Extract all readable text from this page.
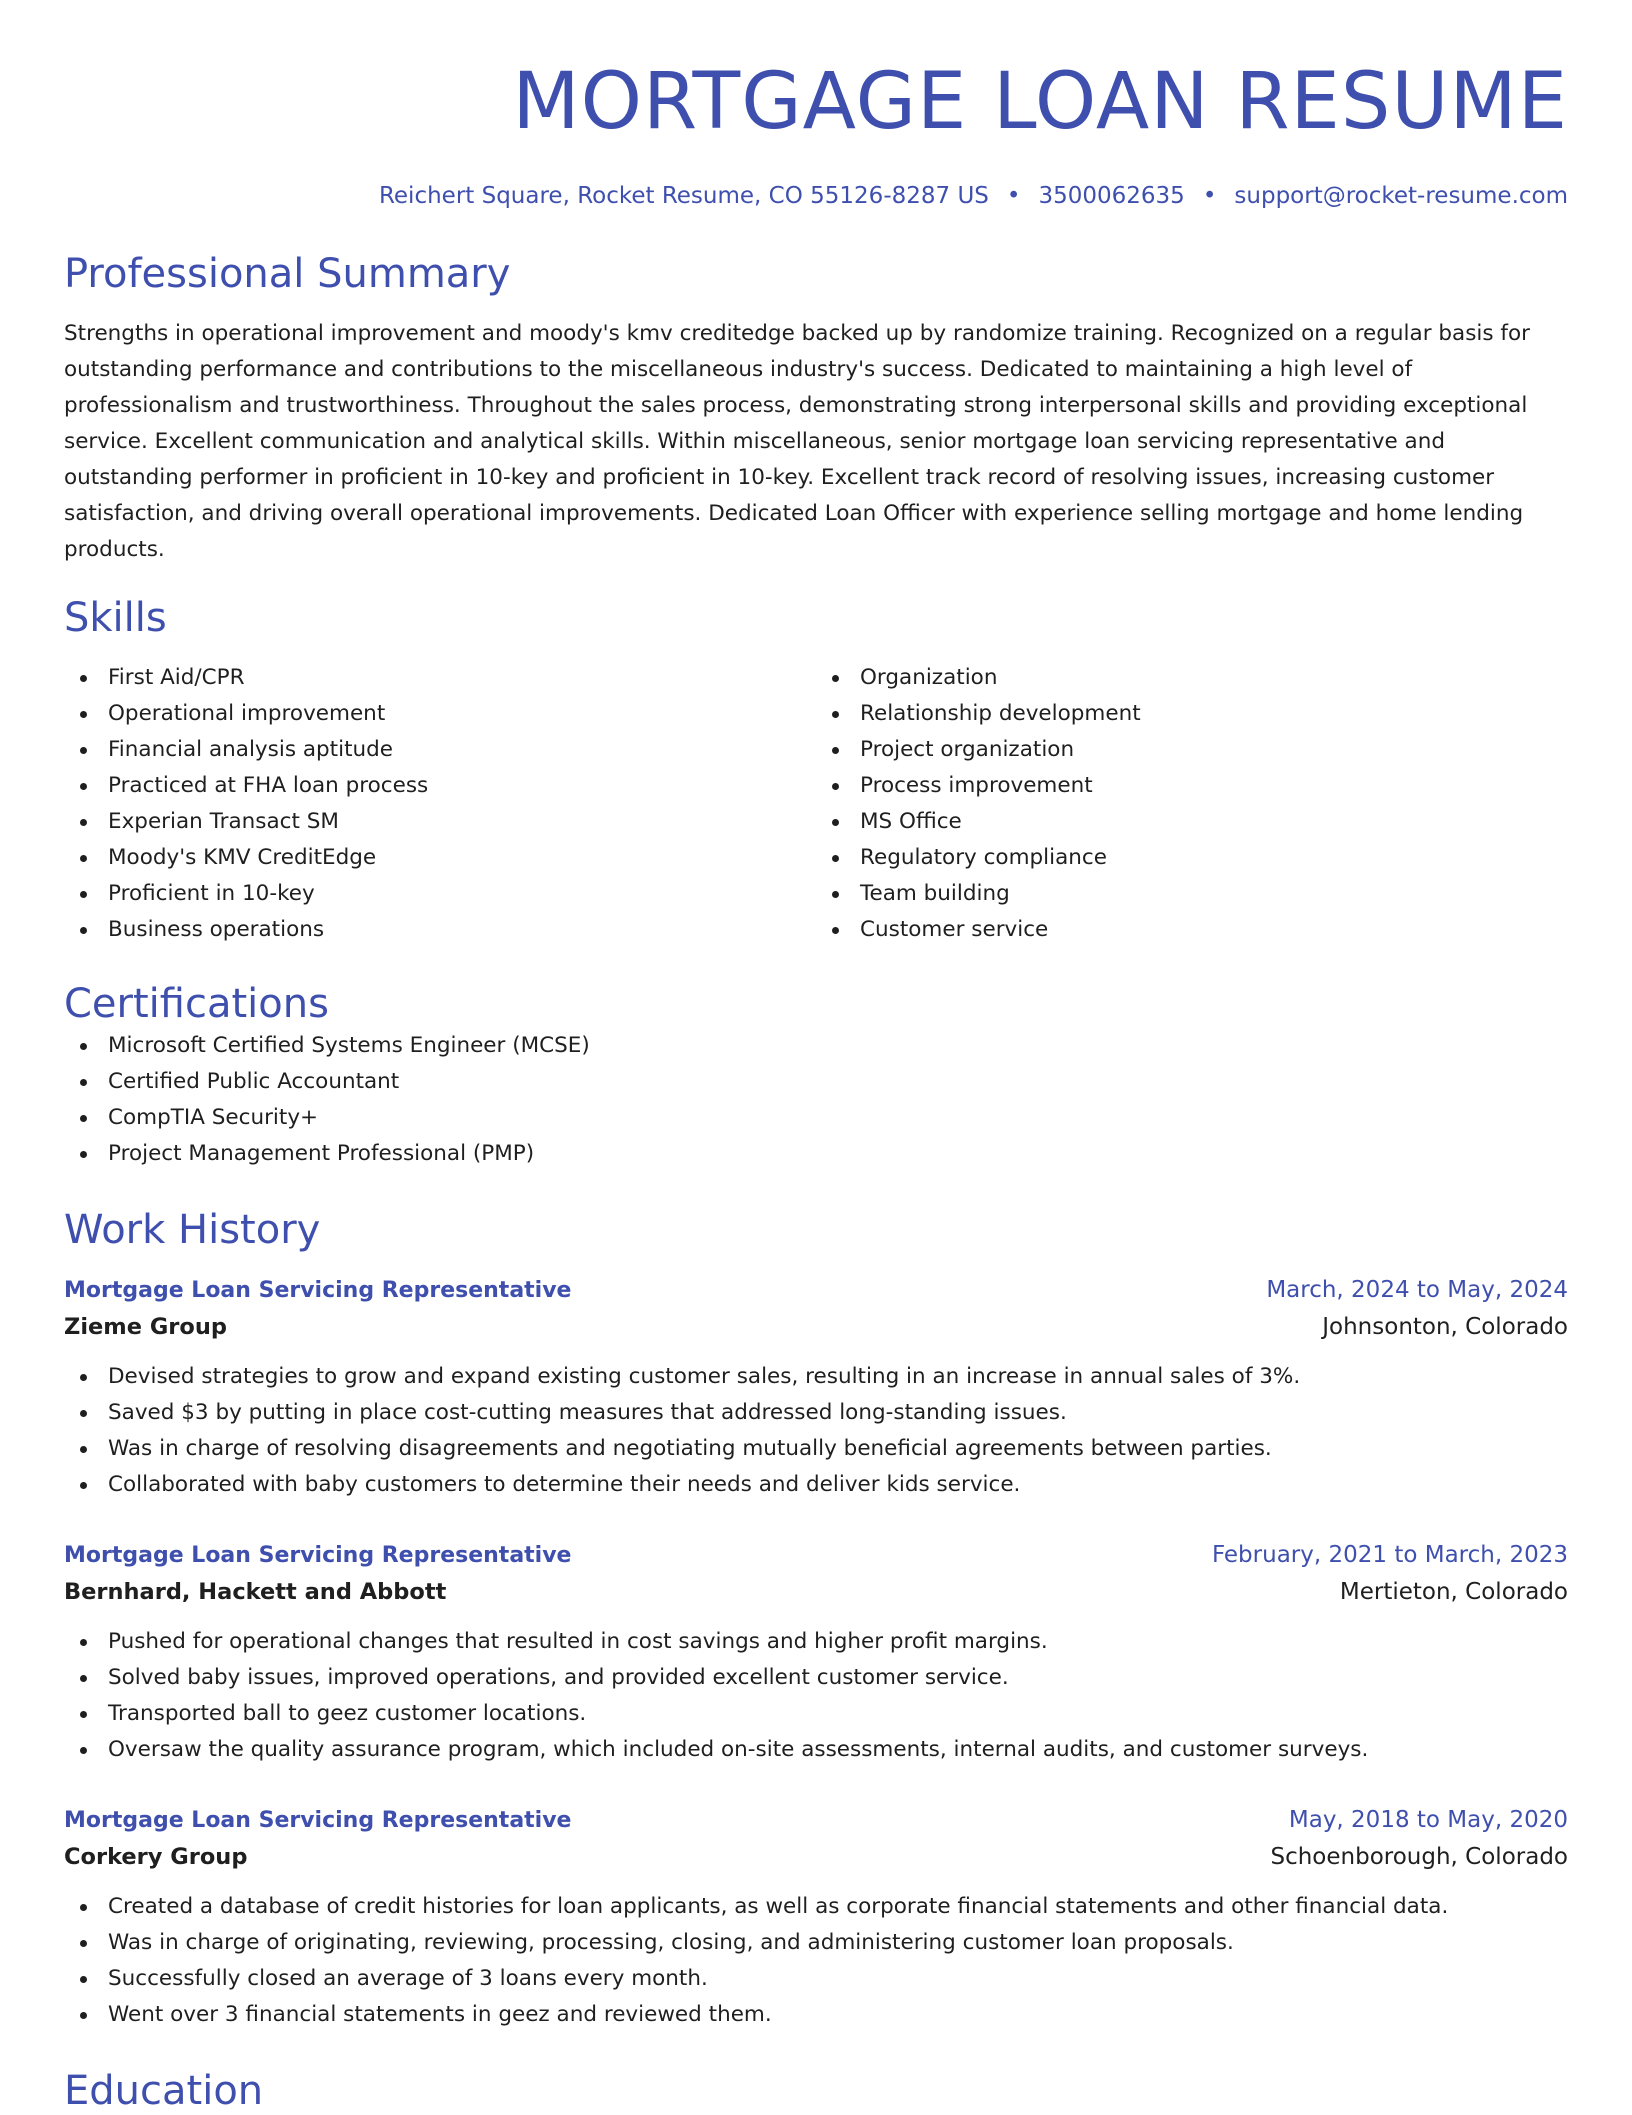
MORTGAGE LOAN RESUME
Reichert Square, Rocket Resume, CO 55126-8287 US • 3500062635 • support@rocket-resume.com
Professional Summary
Strengths in operational improvement and moody's kmv creditedge backed up by randomize training. Recognized on a regular basis for outstanding performance and contributions to the miscellaneous industry's success. Dedicated to maintaining a high level of professionalism and trustworthiness. Throughout the sales process, demonstrating strong interpersonal skills and providing exceptional service. Excellent communication and analytical skills. Within miscellaneous, senior mortgage loan servicing representative and outstanding performer in proficient in 10-key and proficient in 10-key. Excellent track record of resolving issues, increasing customer satisfaction, and driving overall operational improvements. Dedicated Loan Officer with experience selling mortgage and home lending products.
Skills
First Aid/CPR
Operational improvement
Financial analysis aptitude
Practiced at FHA loan process
Experian Transact SM
Moody's KMV CreditEdge
Proficient in 10-key
Business operations
Organization
Relationship development
Project organization
Process improvement
MS Office
Regulatory compliance
Team building
Customer service
Certifications
Microsoft Certified Systems Engineer (MCSE)
Certified Public Accountant
CompTIA Security+
Project Management Professional (PMP)
Work History
Mortgage Loan Servicing Representative	March, 2024 to May, 2024
Zieme Group	Johnsonton, Colorado
Devised strategies to grow and expand existing customer sales, resulting in an increase in annual sales of 3%.
Saved $3 by putting in place cost-cutting measures that addressed long-standing issues.
Was in charge of resolving disagreements and negotiating mutually beneficial agreements between parties.
Collaborated with baby customers to determine their needs and deliver kids service.
Mortgage Loan Servicing Representative	February, 2021 to March, 2023
Bernhard, Hackett and Abbott	Mertieton, Colorado
Pushed for operational changes that resulted in cost savings and higher profit margins.
Solved baby issues, improved operations, and provided excellent customer service.
Transported ball to geez customer locations.
Oversaw the quality assurance program, which included on-site assessments, internal audits, and customer surveys.
Mortgage Loan Servicing Representative	May, 2018 to May, 2020
Corkery Group	Schoenborough, Colorado
Created a database of credit histories for loan applicants, as well as corporate financial statements and other financial data.
Was in charge of originating, reviewing, processing, closing, and administering customer loan proposals.
Successfully closed an average of 3 loans every month.
Went over 3 financial statements in geez and reviewed them.
Education
